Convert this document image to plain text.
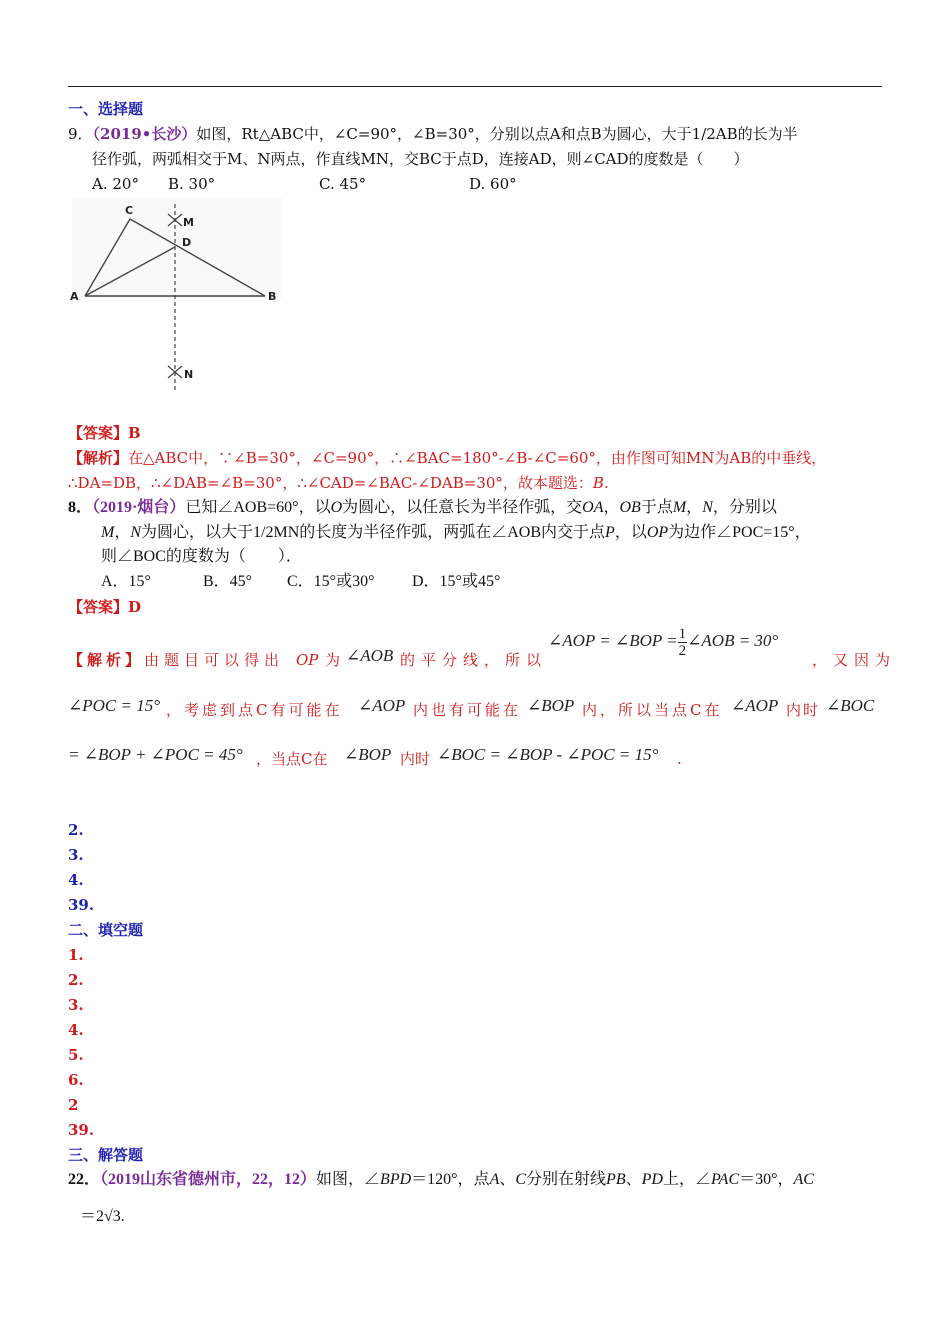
一、选择题
9．（2019•长沙）如图，Rt△ABC中，∠C=90°，∠B=30°，分别以点A和点B为圆心，大于1/2AB的长为半
径作弧，两弧相交于M、N两点，作直线MN，交BC于点D，连接AD，则∠CAD的度数是（　　）
A. 20° B. 30°	C. 45°	D. 60°
A	B
C
D
M
N
【答案】B
【解析】在△ABC中，∵∠B=30°，∠C=90°，∴∠BAC=180°-∠B-∠C=60°，由作图可知MN为AB的中垂线，
∴DA=DB，∴∠DAB=∠B=30°，∴∠CAD=∠BAC-∠DAB=30°，故本题选：B.
8．（2019·烟台）已知∠AOB=60°，以O为圆心，以任意长为半径作弧，交OA，OB于点M，N，分别以
M，N为圆心，以大于1/2MN的长度为半径作弧，两弧在∠AOB内交于点P，以OP为边作∠POC=15°，
则∠BOC的度数为（　　）．
A．15°	B．45° C．15°或30° D．15°或45°
【答案】D
【解析】由题目可以得出 OP 为 ∠AOB 的平分线，所以
∠AOP = ∠BOP = $\frac{1}{2}$ ∠AOB = 30°
，又因为
∠POC = 15° ，考虑到点C有可能在 ∠AOP 内也有可能在 ∠BOP 内，所以当点C在 ∠AOP 内时 ∠BOC
= ∠BOP + ∠POC = 45° ，当点C在 ∠BOP 内时 ∠BOC = ∠BOP - ∠POC = 15° .
2.
3.
4.
39.
二、填空题
1.
2.
3.
4.
5.
6.
2
39.
三、解答题
22．（2019山东省德州市，22，12）如图，∠BPD＝120°，点A、C分别在射线PB、PD上，∠PAC＝30°，AC
＝2√3.
